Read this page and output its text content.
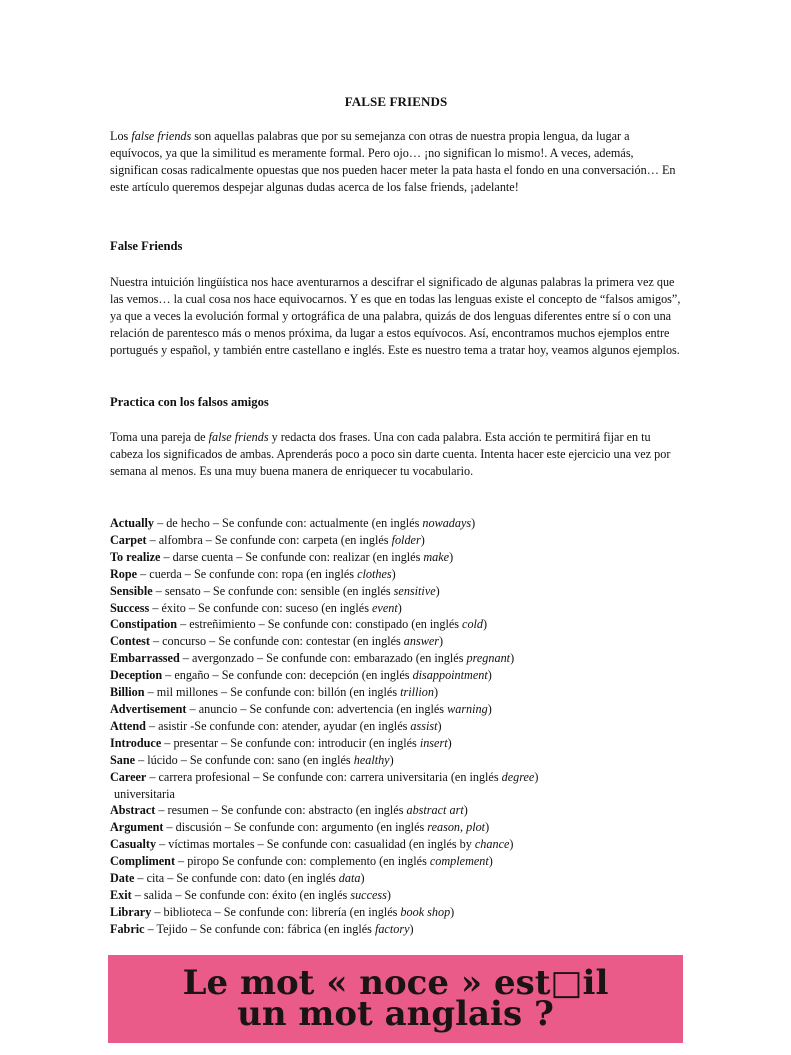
FALSE FRIENDS
Los false friends son aquellas palabras que por su semejanza con otras de nuestra propia lengua, da lugar a equívocos, ya que la similitud es meramente formal. Pero ojo… ¡no significan lo mismo!. A veces, además, significan cosas radicalmente opuestas que nos pueden hacer meter la pata hasta el fondo en una conversación… En este artículo queremos despejar algunas dudas acerca de los false friends, ¡adelante!
False Friends
Nuestra intuición lingüística nos hace aventurarnos a descifrar el significado de algunas palabras la primera vez que las vemos… la cual cosa nos hace equivocarnos. Y es que en todas las lenguas existe el concepto de “falsos amigos”, ya que a veces la evolución formal y ortográfica de una palabra, quizás de dos lenguas diferentes entre sí o con una relación de parentesco más o menos próxima, da lugar a estos equívocos. Así, encontramos muchos ejemplos entre portugués y español, y también entre castellano e inglés. Este es nuestro tema a tratar hoy, veamos algunos ejemplos.
Practica con los falsos amigos
Toma una pareja de false friends y redacta dos frases. Una con cada palabra. Esta acción te permitirá fijar en tu cabeza los significados de ambas. Aprenderás poco a poco sin darte cuenta. Intenta hacer este ejercicio una vez por semana al menos. Es una muy buena manera de enriquecer tu vocabulario.
Actually – de hecho – Se confunde con: actualmente (en inglés nowadays)
Carpet – alfombra – Se confunde con: carpeta (en inglés folder)
To realize – darse cuenta – Se confunde con: realizar (en inglés make)
Rope – cuerda – Se confunde con: ropa (en inglés clothes)
Sensible – sensato – Se confunde con: sensible (en inglés sensitive)
Success – éxito – Se confunde con: suceso (en inglés event)
Constipation – estreñimiento – Se confunde con: constipado (en inglés cold)
Contest – concurso – Se confunde con: contestar (en inglés answer)
Embarrassed – avergonzado – Se confunde con: embarazado (en inglés pregnant)
Deception – engaño – Se confunde con: decepción (en inglés disappointment)
Billion – mil millones – Se confunde con: billón (en inglés trillion)
Advertisement – anuncio – Se confunde con: advertencia (en inglés warning)
Attend – asistir -Se confunde con: atender, ayudar (en inglés assist)
Introduce – presentar – Se confunde con: introducir (en inglés insert)
Sane – lúcido – Se confunde con: sano (en inglés healthy)
Career – carrera profesional – Se confunde con: carrera universitaria (en inglés degree)
universitaria
Abstract – resumen – Se confunde con: abstracto (en inglés abstract art)
Argument – discusión – Se confunde con: argumento (en inglés reason, plot)
Casualty – víctimas mortales – Se confunde con: casualidad (en inglés by chance)
Compliment – piropo Se confunde con: complemento (en inglés complement)
Date – cita – Se confunde con: dato (en inglés data)
Exit – salida – Se confunde con: éxito (en inglés success)
Library – biblioteca – Se confunde con: librería (en inglés book shop)
Fabric – Tejido – Se confunde con: fábrica (en inglés factory)
Le mot « noce » est□il
un mot anglais ?
